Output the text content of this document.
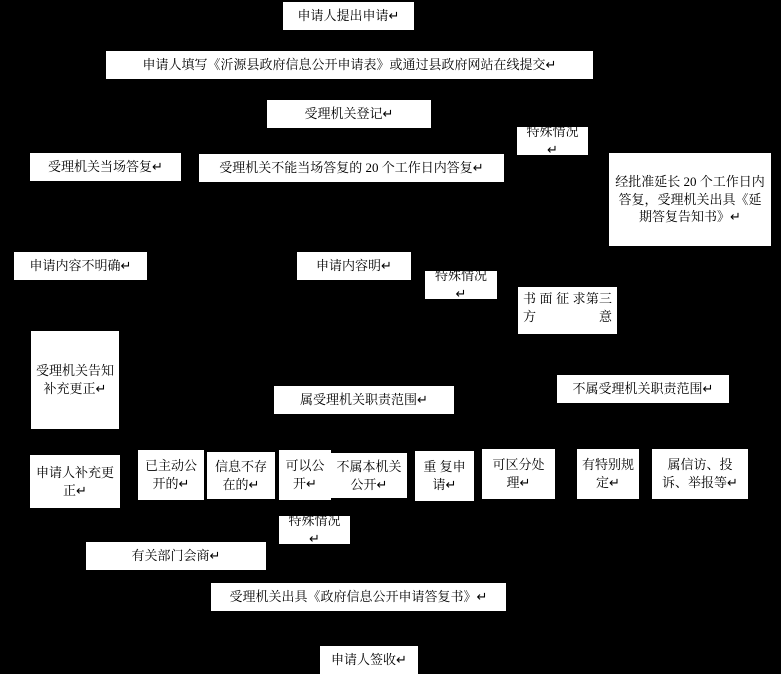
申请人提出申请↵
申请人填写《沂源县政府信息公开申请表》或通过县政府网站在线提交↵
受理机关登记↵
特殊情况↵
受理机关当场答复↵	受理机关不能当场答复的 20 个工作日内答复↵
经批准延长 20 个工作日内答复，受理机关出具《延期答复告知书》↵
申请内容不明确↵	申请内容明↵
特殊情况↵	书 面 征 求第三方意
受理机关告知补充更正↵
属受理机关职责范围↵
不属受理机关职责范围↵
申请人补充更正↵
已主动公开的↵
信息不存在的↵
可以公开↵
不属本机关公开↵
重 复申请↵
可区分处理↵
有特别规定↵
属信访、投诉、举报等↵
特殊情况↵
有关部门会商↵
受理机关出具《政府信息公开申请答复书》↵
申请人签收↵
